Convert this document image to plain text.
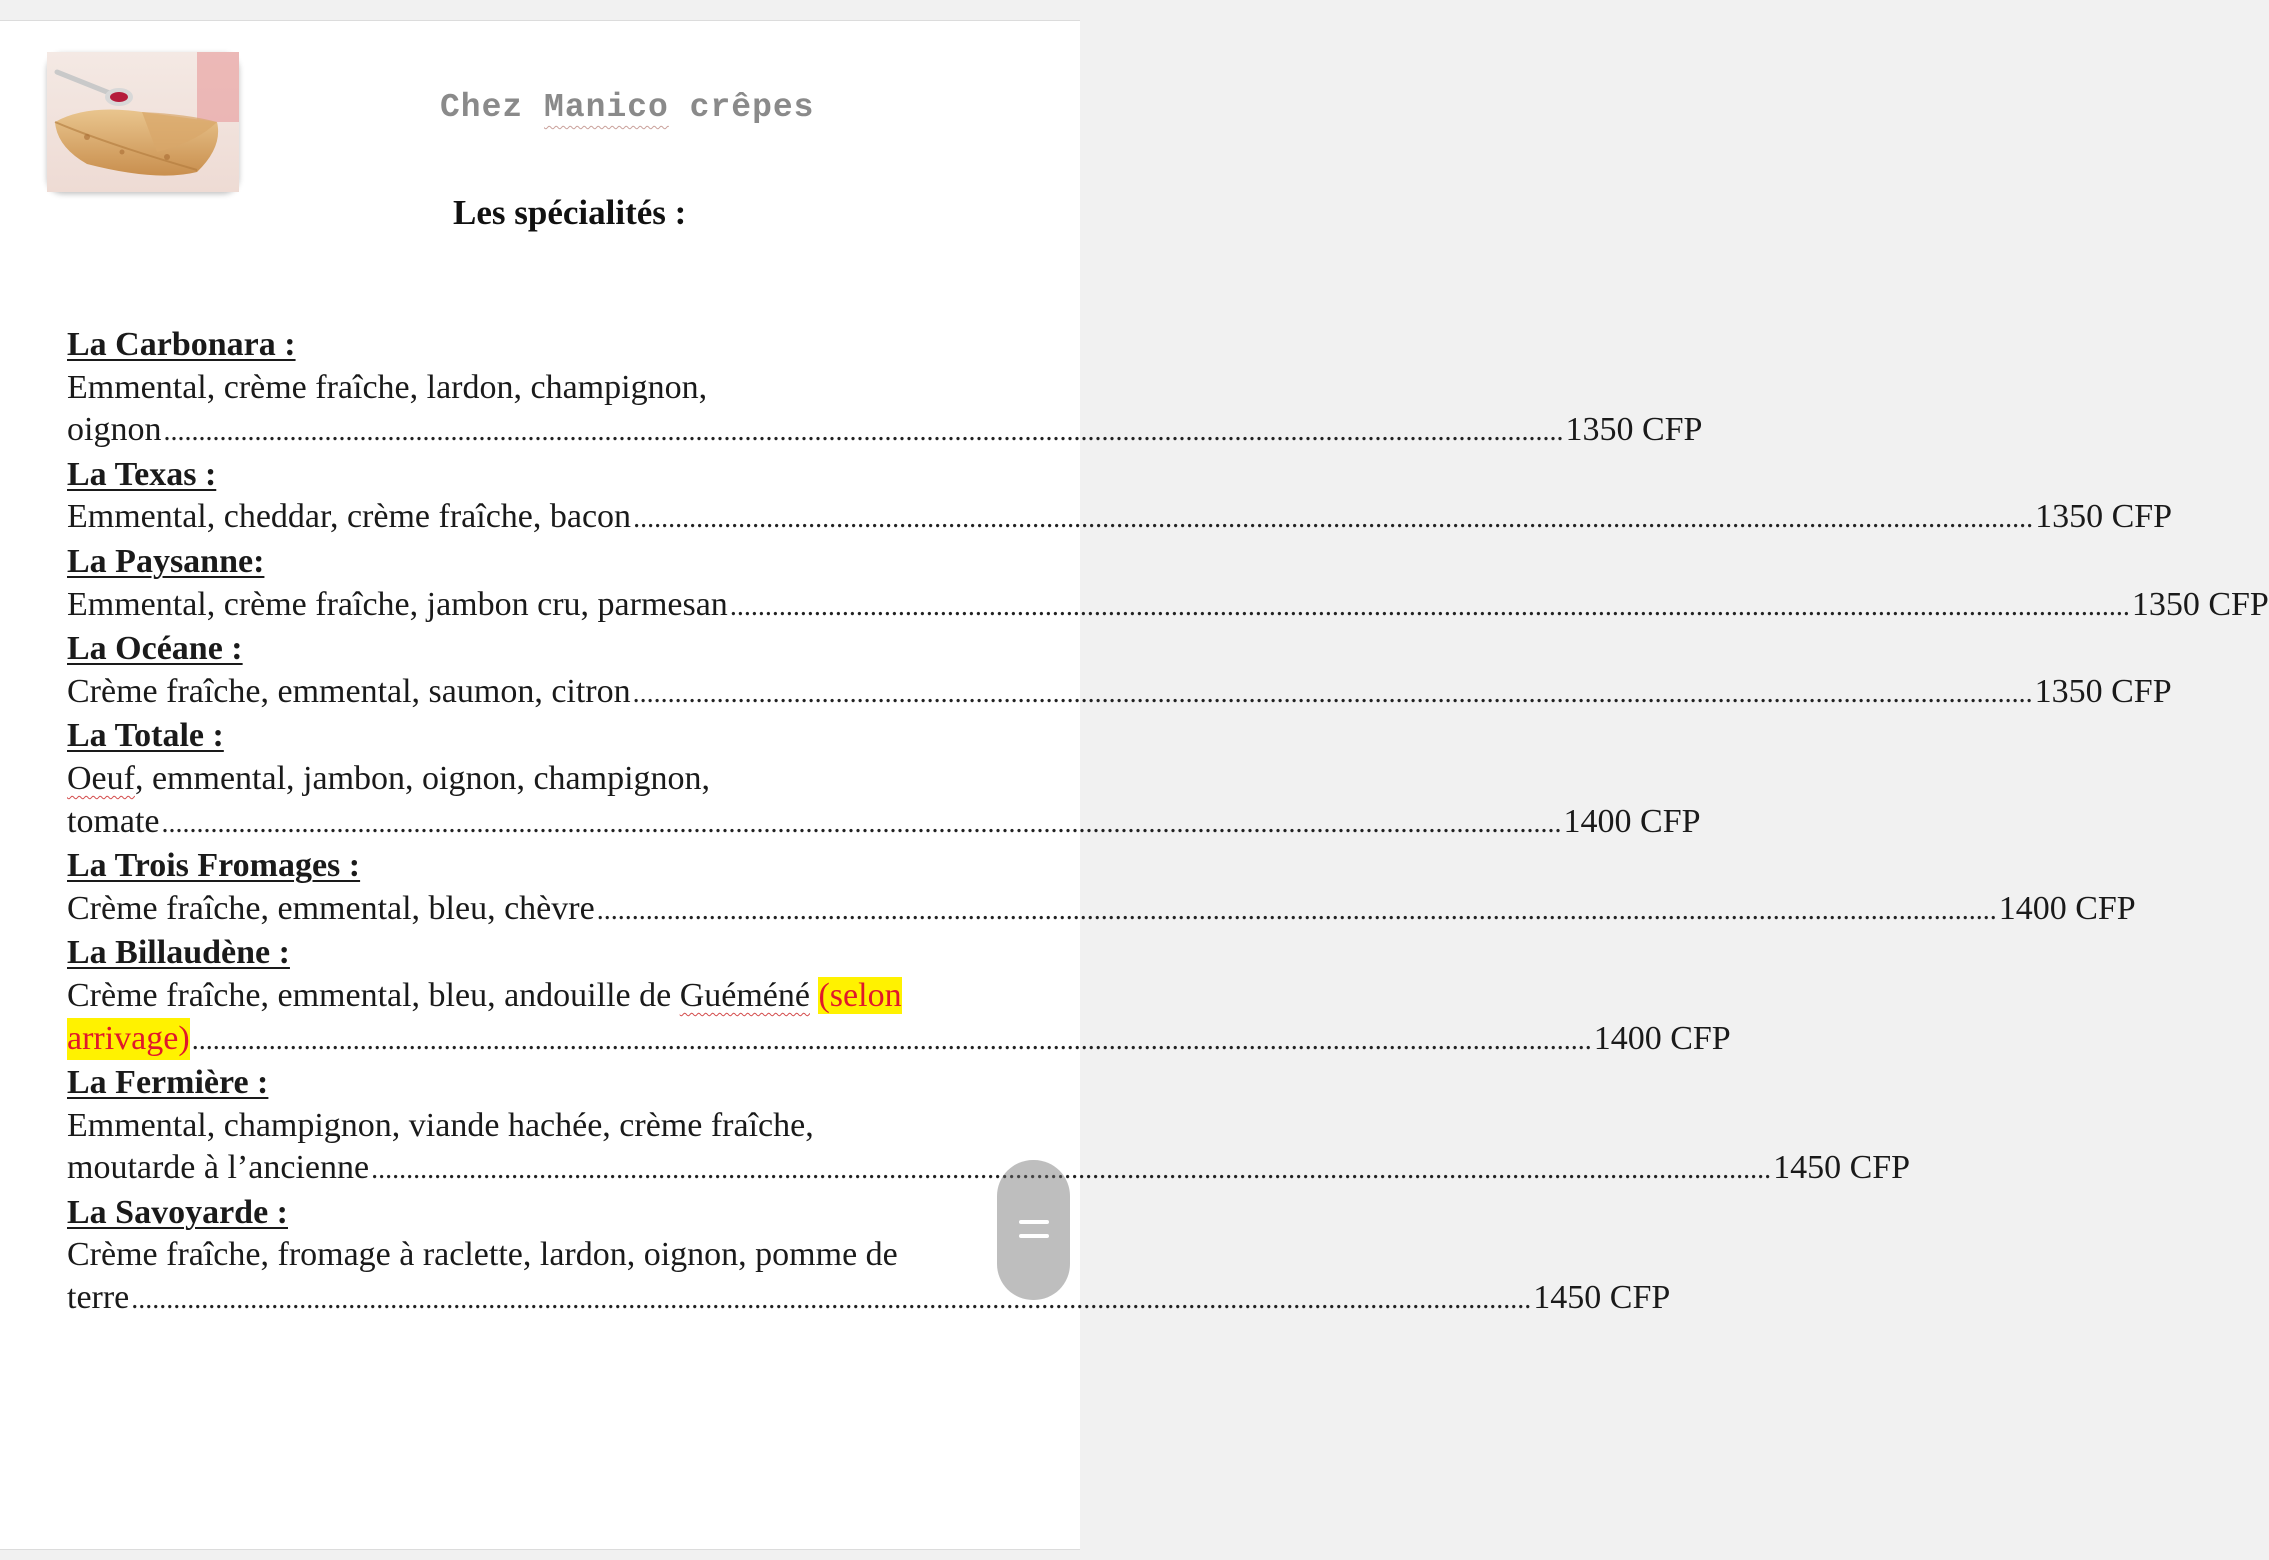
Chez Manico crêpes
Les spécialités :
La Carbonara :
Emmental, crème fraîche, lardon, champignon,
oignon ........................................................................................................................................................................................................ 1350 CFP
La Texas :
Emmental, cheddar, crème fraîche, bacon ........................................................................................................................................................................................................ 1350 CFP
La Paysanne:
Emmental, crème fraîche, jambon cru, parmesan ........................................................................................................................................................................................................ 1350 CFP
La Océane :
Crème fraîche, emmental, saumon, citron ........................................................................................................................................................................................................ 1350 CFP
La Totale :
Oeuf, emmental, jambon, oignon, champignon,
tomate ........................................................................................................................................................................................................ 1400 CFP
La Trois Fromages :
Crème fraîche, emmental, bleu, chèvre ........................................................................................................................................................................................................ 1400 CFP
La Billaudène :
Crème fraîche, emmental, bleu, andouille de Guéméné (selon
arrivage) ........................................................................................................................................................................................................ 1400 CFP
La Fermière :
Emmental, champignon, viande hachée, crème fraîche,
moutarde à l’ancienne ........................................................................................................................................................................................................ 1450 CFP
La Savoyarde :
Crème fraîche, fromage à raclette, lardon, oignon, pomme de
terre ........................................................................................................................................................................................................ 1450 CFP
